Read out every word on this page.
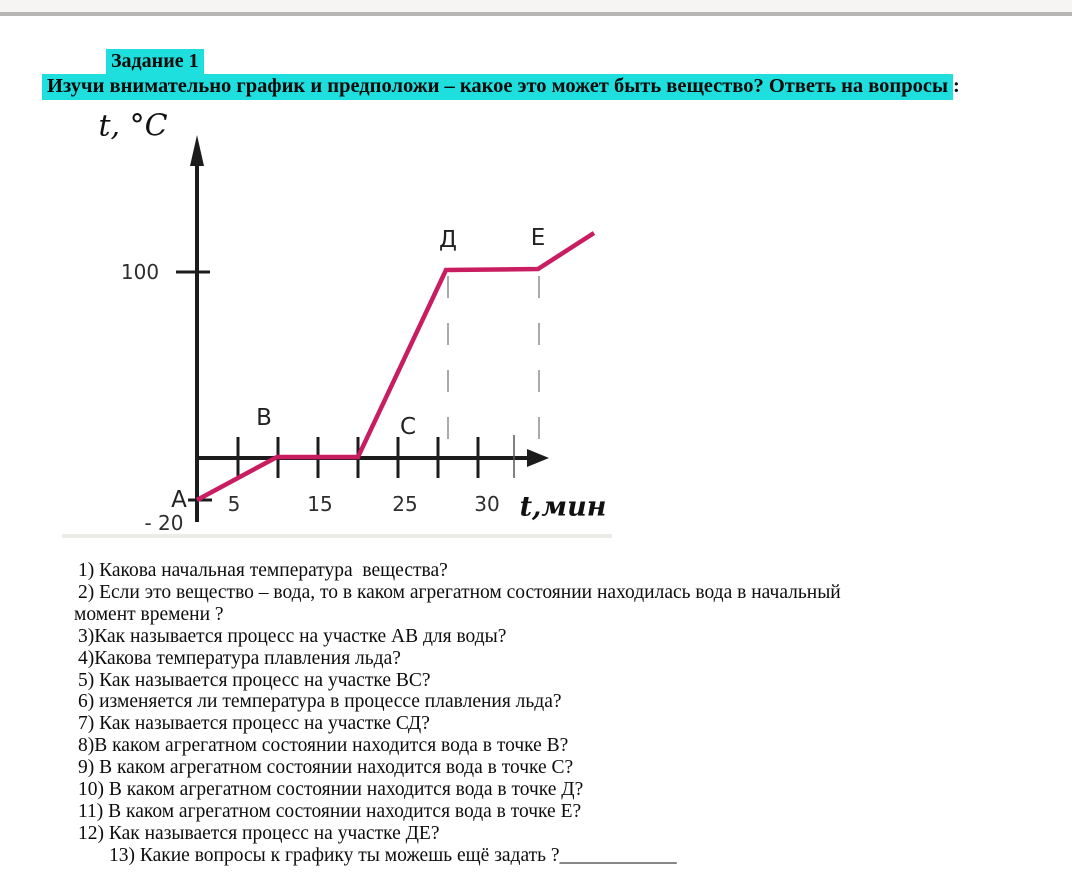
Задание 1
Изучи внимательно график и предположи – какое это может быть вещество? Ответь на вопросы :
t, °C
t,мин
100
- 20
5	15	25	30
А
В	С
Д	Е
1) Какова начальная температура  вещества?
2) Если это вещество – вода, то в каком агрегатном состоянии находилась вода в начальный
момент времени ?
3)Как называется процесс на участке АВ для воды?
4)Какова температура плавления льда?
5) Как называется процесс на участке ВС?
6) изменяется ли температура в процессе плавления льда?
7) Как называется процесс на участке СД?
8)В каком агрегатном состоянии находится вода в точке В?
9) В каком агрегатном состоянии находится вода в точке С?
10) В каком агрегатном состоянии находится вода в точке Д?
11) В каком агрегатном состоянии находится вода в точке Е?
12) Как называется процесс на участке ДЕ?
13) Какие вопросы к графику ты можешь ещё задать ?____________
